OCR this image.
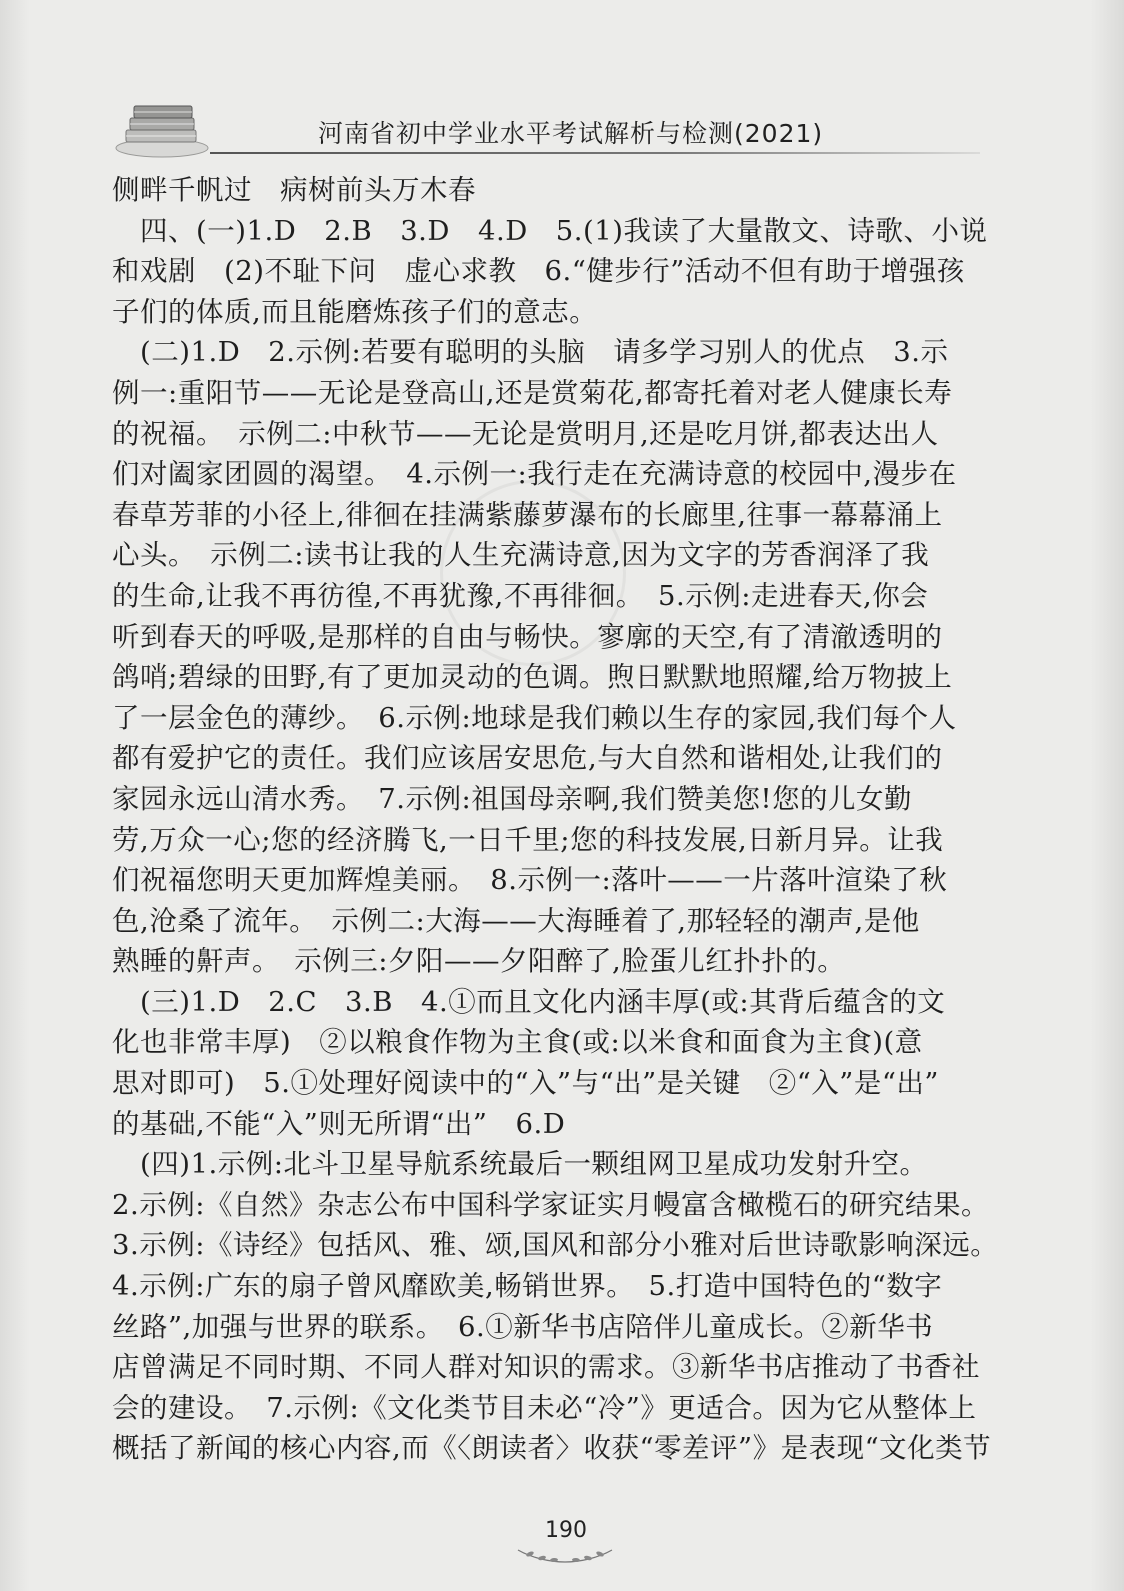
河南省初中学业水平考试解析与检测(2021)
侧畔千帆过　病树前头万木春
　四、(一)1.D　2.B　3.D　4.D　5.(1)我读了大量散文、诗歌、小说
和戏剧　(2)不耻下问　虚心求教　6.“健步行”活动不但有助于增强孩
子们的体质,而且能磨炼孩子们的意志。
　(二)1.D　2.示例:若要有聪明的头脑　请多学习别人的优点　3.示
例一:重阳节——无论是登高山,还是赏菊花,都寄托着对老人健康长寿
的祝福。　示例二:中秋节——无论是赏明月,还是吃月饼,都表达出人
们对阖家团圆的渴望。　4.示例一:我行走在充满诗意的校园中,漫步在
春草芳菲的小径上,徘徊在挂满紫藤萝瀑布的长廊里,往事一幕幕涌上
心头。　示例二:读书让我的人生充满诗意,因为文字的芳香润泽了我
的生命,让我不再彷徨,不再犹豫,不再徘徊。　5.示例:走进春天,你会
听到春天的呼吸,是那样的自由与畅快。寥廓的天空,有了清澈透明的
鸽哨;碧绿的田野,有了更加灵动的色调。煦日默默地照耀,给万物披上
了一层金色的薄纱。　6.示例:地球是我们赖以生存的家园,我们每个人
都有爱护它的责任。我们应该居安思危,与大自然和谐相处,让我们的
家园永远山清水秀。　7.示例:祖国母亲啊,我们赞美您!您的儿女勤
劳,万众一心;您的经济腾飞,一日千里;您的科技发展,日新月异。让我
们祝福您明天更加辉煌美丽。　8.示例一:落叶——一片落叶渲染了秋
色,沧桑了流年。　示例二:大海——大海睡着了,那轻轻的潮声,是他
熟睡的鼾声。　示例三:夕阳——夕阳醉了,脸蛋儿红扑扑的。
　(三)1.D　2.C　3.B　4.①而且文化内涵丰厚(或:其背后蕴含的文
化也非常丰厚)　②以粮食作物为主食(或:以米食和面食为主食)(意
思对即可)　5.①处理好阅读中的“入”与“出”是关键　②“入”是“出”
的基础,不能“入”则无所谓“出”　6.D
　(四)1.示例:北斗卫星导航系统最后一颗组网卫星成功发射升空。
2.示例:《自然》杂志公布中国科学家证实月幔富含橄榄石的研究结果。
3.示例:《诗经》包括风、雅、颂,国风和部分小雅对后世诗歌影响深远。
4.示例:广东的扇子曾风靡欧美,畅销世界。　5.打造中国特色的“数字
丝路”,加强与世界的联系。　6.①新华书店陪伴儿童成长。②新华书
店曾满足不同时期、不同人群对知识的需求。③新华书店推动了书香社
会的建设。　7.示例:《文化类节目未必“冷”》更适合。因为它从整体上
概括了新闻的核心内容,而《〈朗读者〉收获“零差评”》是表现“文化类节
190
